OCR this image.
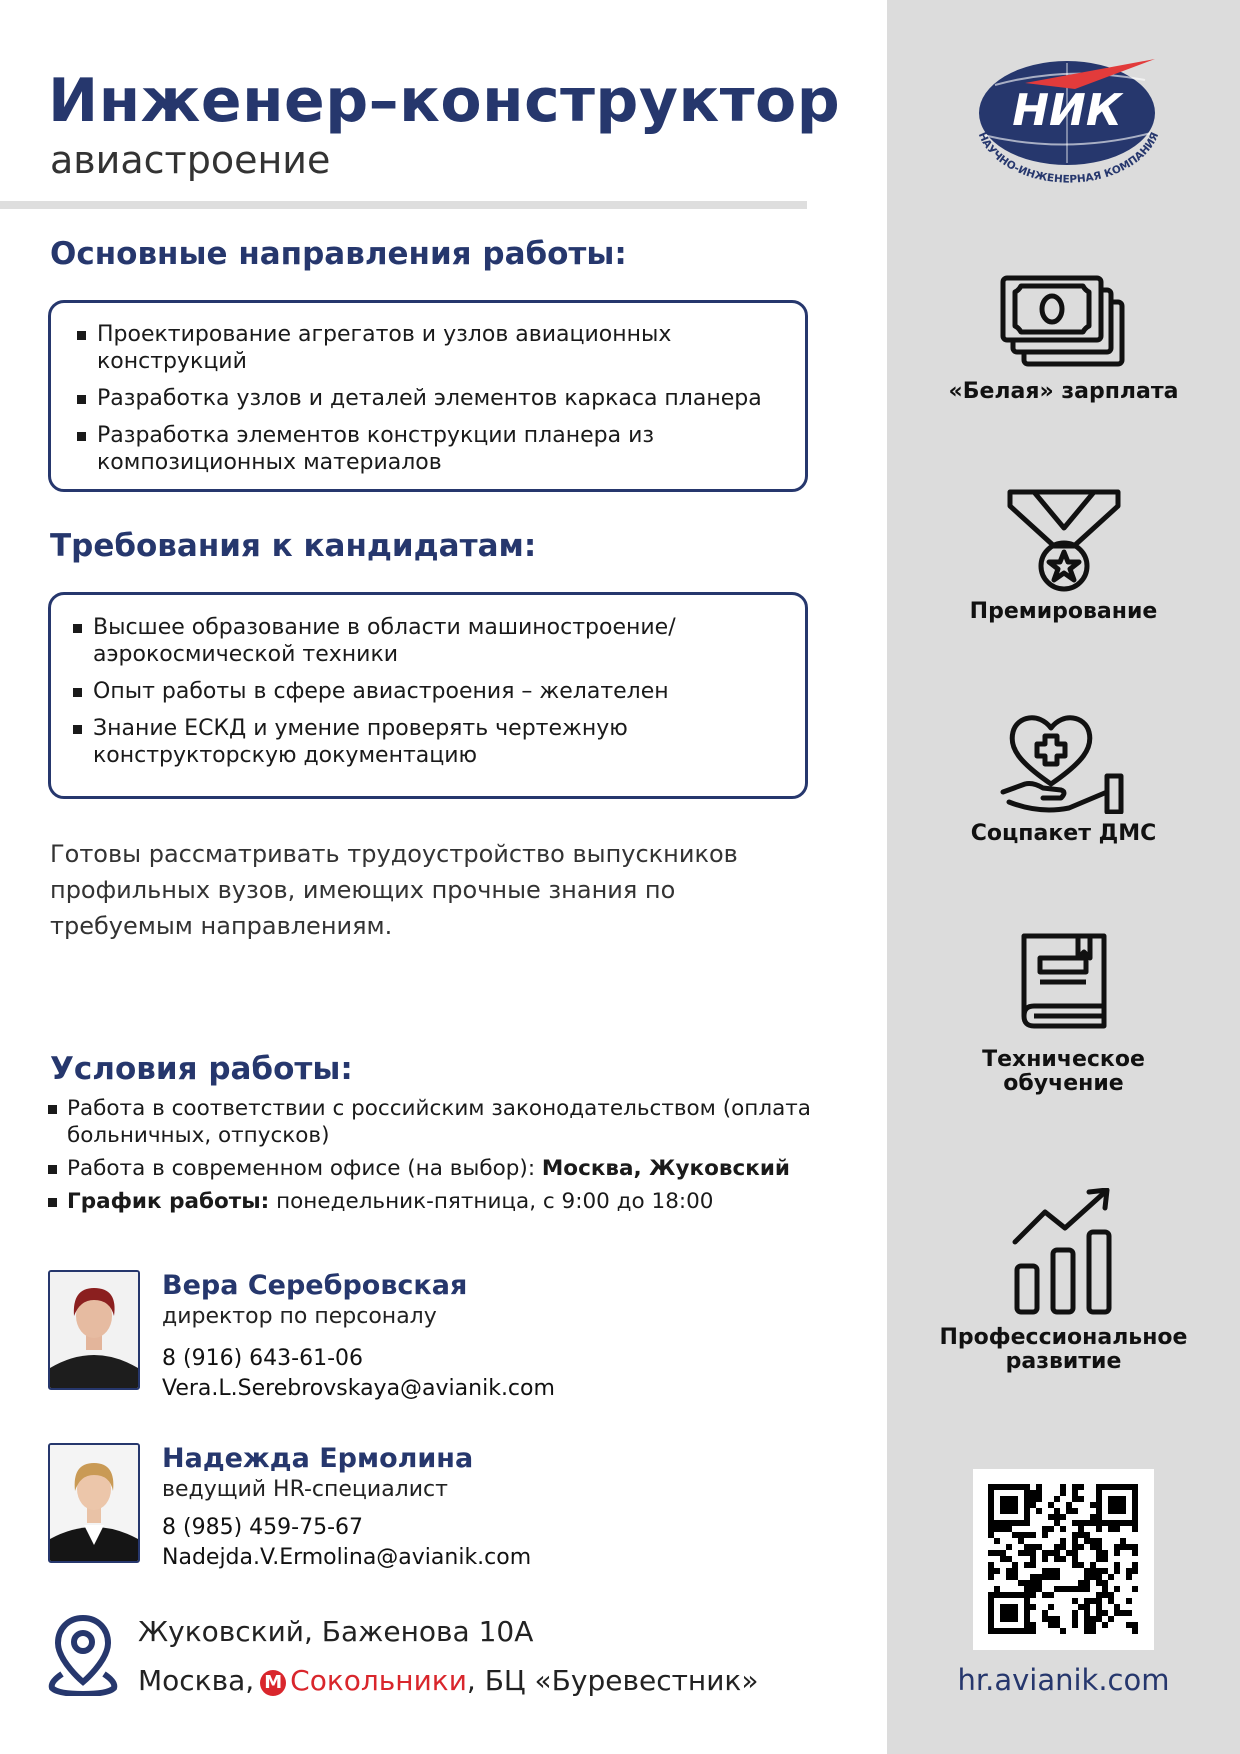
НИК
НАУЧНО-ИНЖЕНЕРНАЯ КОМПАНИЯ
Инженер–конструктор
авиастроение
Основные направления работы:
Проектирование агрегатов и узлов авиационных конструкций
Разработка узлов и деталей элементов каркаса планера
Разработка элементов конструкции планера из композиционных материалов
Требования к кандидатам:
Высшее образование в области машиностроение/аэрокосмической техники
Опыт работы в сфере авиастроения – желателен
Знание ЕСКД и умение проверять чертежную конструкторскую документацию
Готовы рассматривать трудоустройство выпускников профильных вузов, имеющих прочные знания по требуемым направлениям.
Условия работы:
Работа в соответствии с российским законодательством (оплата больничных, отпусков)
Работа в современном офисе (на выбор): Москва, Жуковский
График работы: понедельник-пятница, с 9:00 до 18:00
Вера Серебровская
директор по персоналу
8 (916) 643-61-06
Vera.L.Serebrovskaya@avianik.com
Надежда Ермолина
ведущий HR-специалист
8 (985) 459-75-67
Nadejda.V.Ermolina@avianik.com
Жуковский, Баженова 10А
Москва, М Сокольники, БЦ «Буревестник»
«Белая» зарплата
Премирование
Соцпакет ДМС
Техническое обучение
Профессиональное развитие
hr.avianik.com
